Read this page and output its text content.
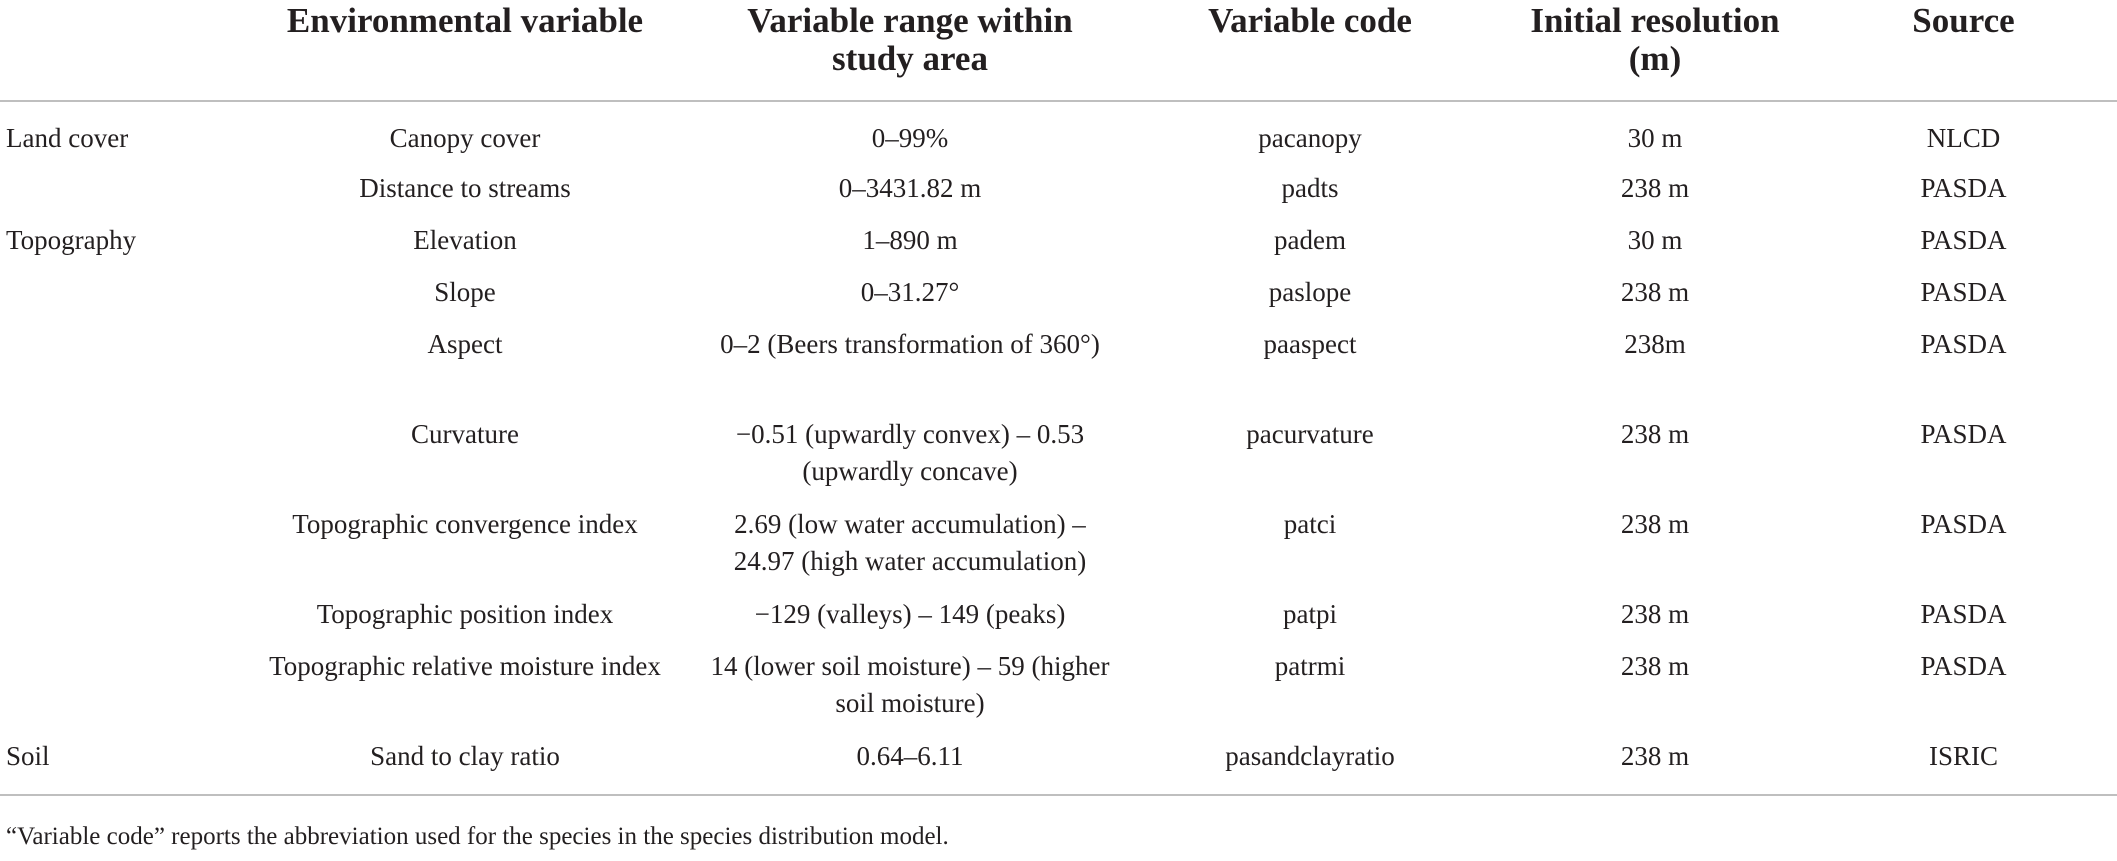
	Environmental variable	Variable range within study area	Variable code	Initial resolution (m)	Source
Land cover	Canopy cover	0–99%	pacanopy	30 m	NLCD
	Distance to streams	0–3431.82 m	padts	238 m	PASDA
Topography	Elevation	1–890 m	padem	30 m	PASDA
	Slope	0–31.27°	paslope	238 m	PASDA
	Aspect	0–2 (Beers transformation of 360°)	paaspect	238m	PASDA
	Curvature	−0.51 (upwardly convex) – 0.53 (upwardly concave)	pacurvature	238 m	PASDA
	Topographic convergence index	2.69 (low water accumulation) – 24.97 (high water accumulation)	patci	238 m	PASDA
	Topographic position index	−129 (valleys) – 149 (peaks)	patpi	238 m	PASDA
	Topographic relative moisture index	14 (lower soil moisture) – 59 (higher soil moisture)	patrmi	238 m	PASDA
Soil	Sand to clay ratio	0.64–6.11	pasandclayratio	238 m	ISRIC
“Variable code” reports the abbreviation used for the species in the species distribution model.
